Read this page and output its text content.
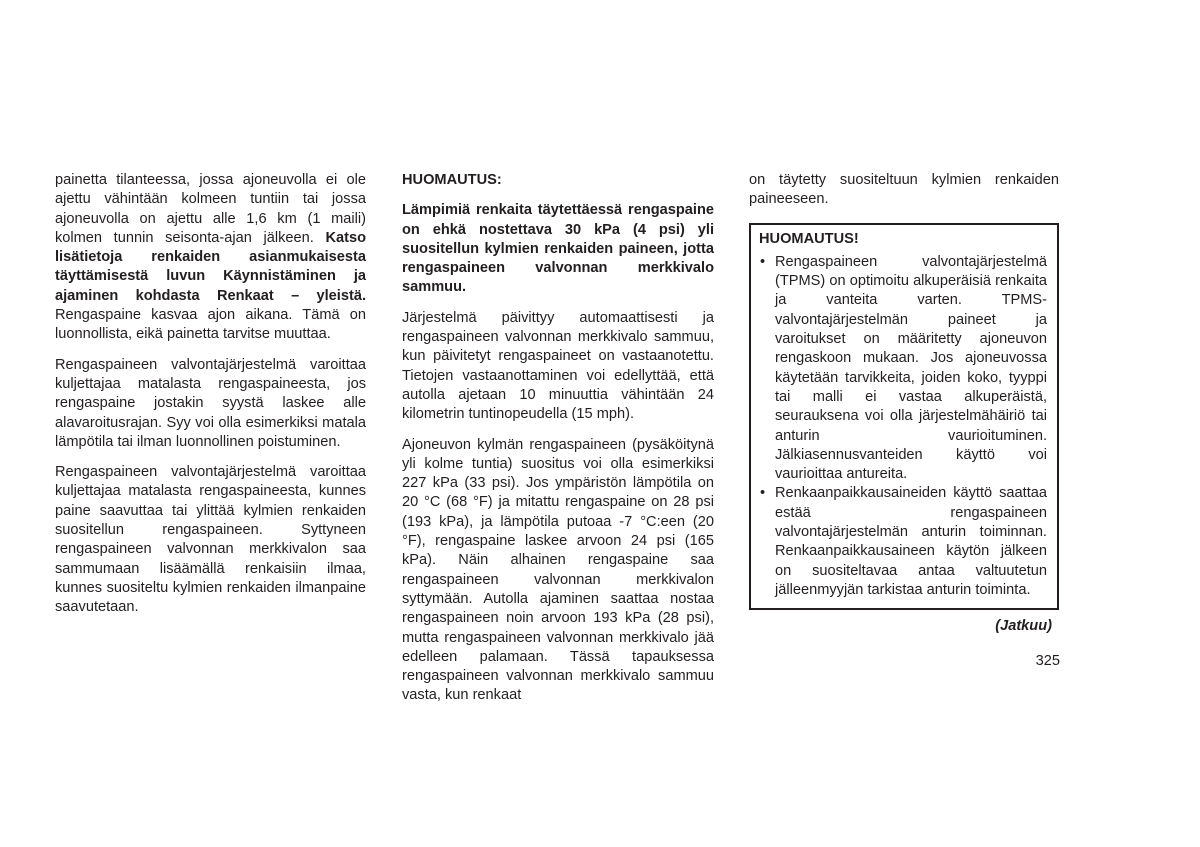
painetta tilanteessa, jossa ajoneuvolla ei ole ajettu vähintään kolmeen tuntiin tai jossa ajoneuvolla on ajettu alle 1,6 km (1 maili) kolmen tunnin seisonta-ajan jälkeen. Katso lisätietoja renkaiden asianmukaisesta täyttämisestä luvun Käynnistäminen ja ajaminen kohdasta Renkaat – yleistä. Rengaspaine kasvaa ajon aikana. Tämä on luonnollista, eikä painetta tarvitse muuttaa.

Rengaspaineen valvontajärjestelmä varoittaa kuljettajaa matalasta rengaspaineesta, jos rengaspaine jostakin syystä laskee alle alavaroitusrajan. Syy voi olla esimerkiksi matala lämpötila tai ilman luonnollinen poistuminen.

Rengaspaineen valvontajärjestelmä varoittaa kuljettajaa matalasta rengaspaineesta, kunnes paine saavuttaa tai ylittää kylmien renkaiden suositellun rengaspaineen. Syttyneen rengaspaineen valvonnan merkkivalon saa sammumaan lisäämällä renkaisiin ilmaa, kunnes suositeltu kylmien renkaiden ilmanpaine saavutetaan.

HUOMAUTUS:

Lämpimiä renkaita täytettäessä rengaspaine on ehkä nostettava 30 kPa (4 psi) yli suositellun kylmien renkaiden paineen, jotta rengaspaineen valvonnan merkkivalo sammuu.

Järjestelmä päivittyy automaattisesti ja rengaspaineen valvonnan merkkivalo sammuu, kun päivitetyt rengaspaineet on vastaanotettu. Tietojen vastaanottaminen voi edellyttää, että autolla ajetaan 10 minuuttia vähintään 24 kilometrin tuntinopeudella (15 mph).

Ajoneuvon kylmän rengaspaineen (pysäköitynä yli kolme tuntia) suositus voi olla esimerkiksi 227 kPa (33 psi). Jos ympäristön lämpötila on 20 °C (68 °F) ja mitattu rengaspaine on 28 psi (193 kPa), ja lämpötila putoaa -7 °C:een (20 °F), rengaspaine laskee arvoon 24 psi (165 kPa). Näin alhainen rengaspaine saa rengaspaineen valvonnan merkkivalon syttymään. Autolla ajaminen saattaa nostaa rengaspaineen noin arvoon 193 kPa (28 psi), mutta rengaspaineen valvonnan merkkivalo jää edelleen palamaan. Tässä tapauksessa rengaspaineen valvonnan merkkivalo sammuu vasta, kun renkaat

on täytetty suositeltuun kylmien renkaiden paineeseen.

HUOMAUTUS!

• Rengaspaineen valvontajärjestelmä (TPMS) on optimoitu alkuperäisiä renkaita ja vanteita varten. TPMS-valvontajärjestelmän paineet ja varoitukset on määritetty ajoneuvon rengaskoon mukaan. Jos ajoneuvossa käytetään tarvikkeita, joiden koko, tyyppi tai malli ei vastaa alkuperäistä, seurauksena voi olla järjestelmähäiriö tai anturin vaurioituminen. Jälkiasennusvanteiden käyttö voi vaurioittaa antureita.
• Renkaanpaikkausaineiden käyttö saattaa estää rengaspaineen valvontajärjestelmän anturin toiminnan. Renkaanpaikkausaineen käytön jälkeen on suositeltavaa antaa valtuutetun jälleenmyyjän tarkistaa anturin toiminta.
(Jatkuu)
325
